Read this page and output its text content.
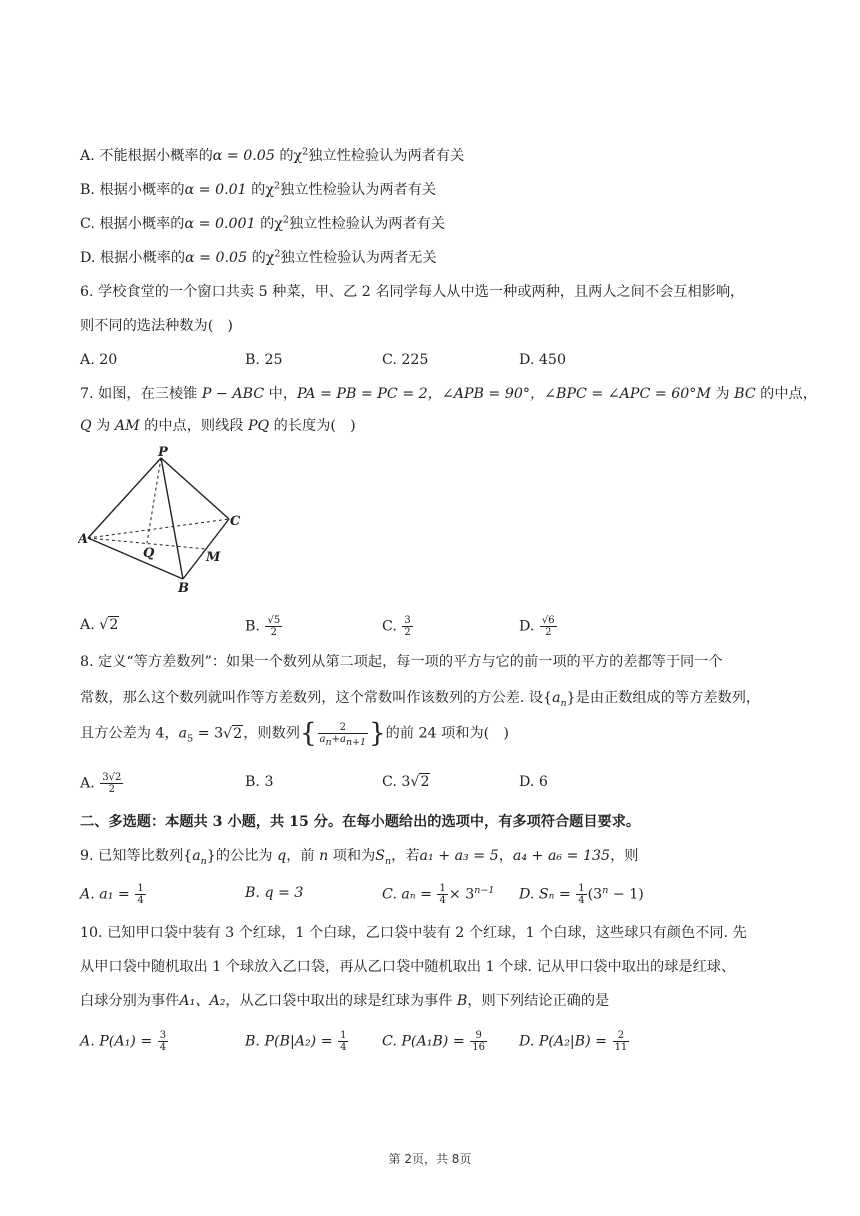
A. 不能根据小概率的α = 0.05 的$\chi^2$独立性检验认为两者有关
B. 根据小概率的α = 0.01 的$\chi^2$独立性检验认为两者有关
C. 根据小概率的α = 0.001 的$\chi^2$独立性检验认为两者有关
D. 根据小概率的α = 0.05 的$\chi^2$独立性检验认为两者无关
6. 学校食堂的一个窗口共卖 5 种菜，甲、乙 2 名同学每人从中选一种或两种，且两人之间不会互相影响，
则不同的选法种数为(　)
A. 20	B. 25	C. 225	D. 450
7. 如图，在三棱锥 P − ABC 中，PA = PB = PC = 2，∠APB = 90°，∠BPC = ∠APC = 60°M 为 BC 的中点，
Q 为 AM 的中点，则线段 PQ 的长度为(　)
P
A
B
C
Q	M
A. √2	B. $\frac{√5}{2}$	C. $\frac{3}{2}$	D. $\frac{√6}{2}$
8. 定义“等方差数列”：如果一个数列从第二项起，每一项的平方与它的前一项的平方的差都等于同一个
常数，那么这个数列就叫作等方差数列，这个常数叫作该数列的方公差. 设$\{a_n\}$是由正数组成的等方差数列，
且方公差为 4，$a_5 = 3√2$，则数列{ $\frac{2}{a_n+a_{n+1}}$ }的前 24 项和为(　)
A. $\frac{3√2}{2}$	B. 3	C. 3√2	D. 6
二、多选题：本题共 3 小题，共 15 分。在每小题给出的选项中，有多项符合题目要求。
9. 已知等比数列$\{a_n\}$的公比为 q，前 n 项和为$S_n$，若a₁ + a₃ = 5，a₄ + a₆ = 135，则
A. $a_1 = \frac{1}{4}$	B. q = 3	C. $a_n = \frac{1}{4} \times 3^{n-1}$ D. $S_n = \frac{1}{4} (3^n - 1)$
10. 已知甲口袋中装有 3 个红球，1 个白球，乙口袋中装有 2 个红球，1 个白球，这些球只有颜色不同. 先
从甲口袋中随机取出 1 个球放入乙口袋，再从乙口袋中随机取出 1 个球. 记从甲口袋中取出的球是红球、
白球分别为事件A₁、A₂，从乙口袋中取出的球是红球为事件 B，则下列结论正确的是
A. $P(A_1) = \frac{3}{4}$	B. $P(B|A_2) = \frac{1}{4} C$. $P(A_1B) = \frac{9}{16} D$. $P(A_2|B) = \frac{2}{11}$
第 2页，共 8页
